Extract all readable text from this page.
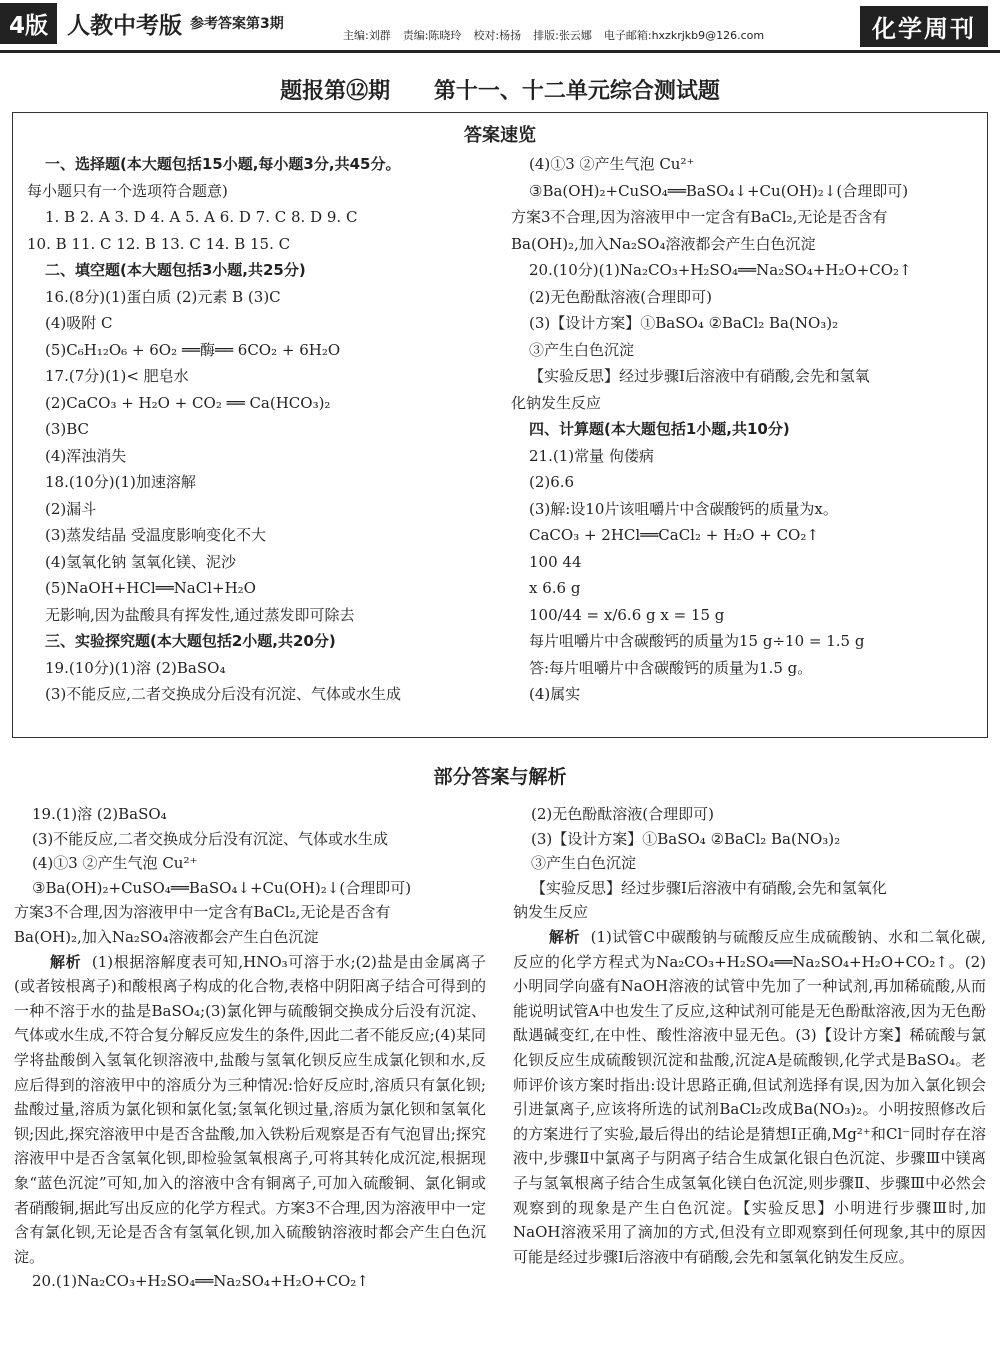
4版 人教中考版 参考答案第3期
主编:刘群 责编:陈晓玲 校对:杨扬 排版:张云娜 电子邮箱:hxzkrjkb9@126.com	化学周刊
题报第⑫期 第十一、十二单元综合测试题
答案速览
一、选择题(本大题包括15小题,每小题3分,共45分。
每小题只有一个选项符合题意)
1. B 2. A 3. D 4. A 5. A 6. D 7. C 8. D 9. C
10. B 11. C 12. B 13. C 14. B 15. C
二、填空题(本大题包括3小题,共25分)
16.(8分)(1)蛋白质 (2)元素 B (3)C
(4)吸附 C
(5)C₆H₁₂O₆ + 6O₂ ══酶══ 6CO₂ + 6H₂O
17.(7分)(1)< 肥皂水
(2)CaCO₃ + H₂O + CO₂ ══ Ca(HCO₃)₂
(3)BC
(4)浑浊消失
18.(10分)(1)加速溶解
(2)漏斗
(3)蒸发结晶 受温度影响变化不大
(4)氢氧化钠 氢氧化镁、泥沙
(5)NaOH+HCl══NaCl+H₂O
无影响,因为盐酸具有挥发性,通过蒸发即可除去
三、实验探究题(本大题包括2小题,共20分)
19.(10分)(1)溶 (2)BaSO₄
(3)不能反应,二者交换成分后没有沉淀、气体或水生成
(4)①3 ②产生气泡 Cu²⁺
③Ba(OH)₂+CuSO₄══BaSO₄↓+Cu(OH)₂↓(合理即可)
方案3不合理,因为溶液甲中一定含有BaCl₂,无论是否含有
Ba(OH)₂,加入Na₂SO₄溶液都会产生白色沉淀
20.(10分)(1)Na₂CO₃+H₂SO₄══Na₂SO₄+H₂O+CO₂↑
(2)无色酚酞溶液(合理即可)
(3)【设计方案】①BaSO₄ ②BaCl₂ Ba(NO₃)₂
③产生白色沉淀
【实验反思】经过步骤Ⅰ后溶液中有硝酸,会先和氢氧
化钠发生反应
四、计算题(本大题包括1小题,共10分)
21.(1)常量 佝偻病
(2)6.6
(3)解:设10片该咀嚼片中含碳酸钙的质量为x。
CaCO₃ + 2HCl══CaCl₂ + H₂O + CO₂↑
100 44
x 6.6 g
100/44 = x/6.6 g x = 15 g
每片咀嚼片中含碳酸钙的质量为15 g÷10 = 1.5 g
答:每片咀嚼片中含碳酸钙的质量为1.5 g。
(4)属实
部分答案与解析
19.(1)溶 (2)BaSO₄
(3)不能反应,二者交换成分后没有沉淀、气体或水生成
(4)①3 ②产生气泡 Cu²⁺
③Ba(OH)₂+CuSO₄══BaSO₄↓+Cu(OH)₂↓(合理即可)
方案3不合理,因为溶液甲中一定含有BaCl₂,无论是否含有
Ba(OH)₂,加入Na₂SO₄溶液都会产生白色沉淀

解析 (1)根据溶解度表可知,HNO₃可溶于水;(2)盐是由金属离子(或者铵根离子)和酸根离子构成的化合物,表格中阴阳离子结合可得到的一种不溶于水的盐是BaSO₄;(3)氯化钾与硫酸铜交换成分后没有沉淀、气体或水生成,不符合复分解反应发生的条件,因此二者不能反应;(4)某同学将盐酸倒入氢氧化钡溶液中,盐酸与氢氧化钡反应生成氯化钡和水,反应后得到的溶液甲中的溶质分为三种情况:恰好反应时,溶质只有氯化钡;盐酸过量,溶质为氯化钡和氯化氢;氢氧化钡过量,溶质为氯化钡和氢氧化钡;因此,探究溶液甲中是否含盐酸,加入铁粉后观察是否有气泡冒出;探究溶液甲中是否含氢氧化钡,即检验氢氧根离子,可将其转化成沉淀,根据现象“蓝色沉淀”可知,加入的溶液中含有铜离子,可加入硫酸铜、氯化铜或者硝酸铜,据此写出反应的化学方程式。方案3不合理,因为溶液甲中一定含有氯化钡,无论是否含有氢氧化钡,加入硫酸钠溶液时都会产生白色沉淀。

20.(1)Na₂CO₃+H₂SO₄══Na₂SO₄+H₂O+CO₂↑
(2)无色酚酞溶液(合理即可)
(3)【设计方案】①BaSO₄ ②BaCl₂ Ba(NO₃)₂
③产生白色沉淀
【实验反思】经过步骤Ⅰ后溶液中有硝酸,会先和氢氧化
钠发生反应

解析 (1)试管C中碳酸钠与硫酸反应生成硫酸钠、水和二氧化碳,反应的化学方程式为Na₂CO₃+H₂SO₄══Na₂SO₄+H₂O+CO₂↑。(2)小明同学向盛有NaOH溶液的试管中先加了一种试剂,再加稀硫酸,从而能说明试管A中也发生了反应,这种试剂可能是无色酚酞溶液,因为无色酚酞遇碱变红,在中性、酸性溶液中显无色。(3)【设计方案】稀硫酸与氯化钡反应生成硫酸钡沉淀和盐酸,沉淀A是硫酸钡,化学式是BaSO₄。老师评价该方案时指出:设计思路正确,但试剂选择有误,因为加入氯化钡会引进氯离子,应该将所选的试剂BaCl₂改成Ba(NO₃)₂。小明按照修改后的方案进行了实验,最后得出的结论是猜想Ⅰ正确,Mg²⁺和Cl⁻同时存在溶液中,步骤Ⅱ中氯离子与阴离子结合生成氯化银白色沉淀、步骤Ⅲ中镁离子与氢氧根离子结合生成氢氧化镁白色沉淀,则步骤Ⅱ、步骤Ⅲ中必然会观察到的现象是产生白色沉淀。【实验反思】小明进行步骤Ⅲ时,加NaOH溶液采用了滴加的方式,但没有立即观察到任何现象,其中的原因可能是经过步骤Ⅰ后溶液中有硝酸,会先和氢氧化钠发生反应。
